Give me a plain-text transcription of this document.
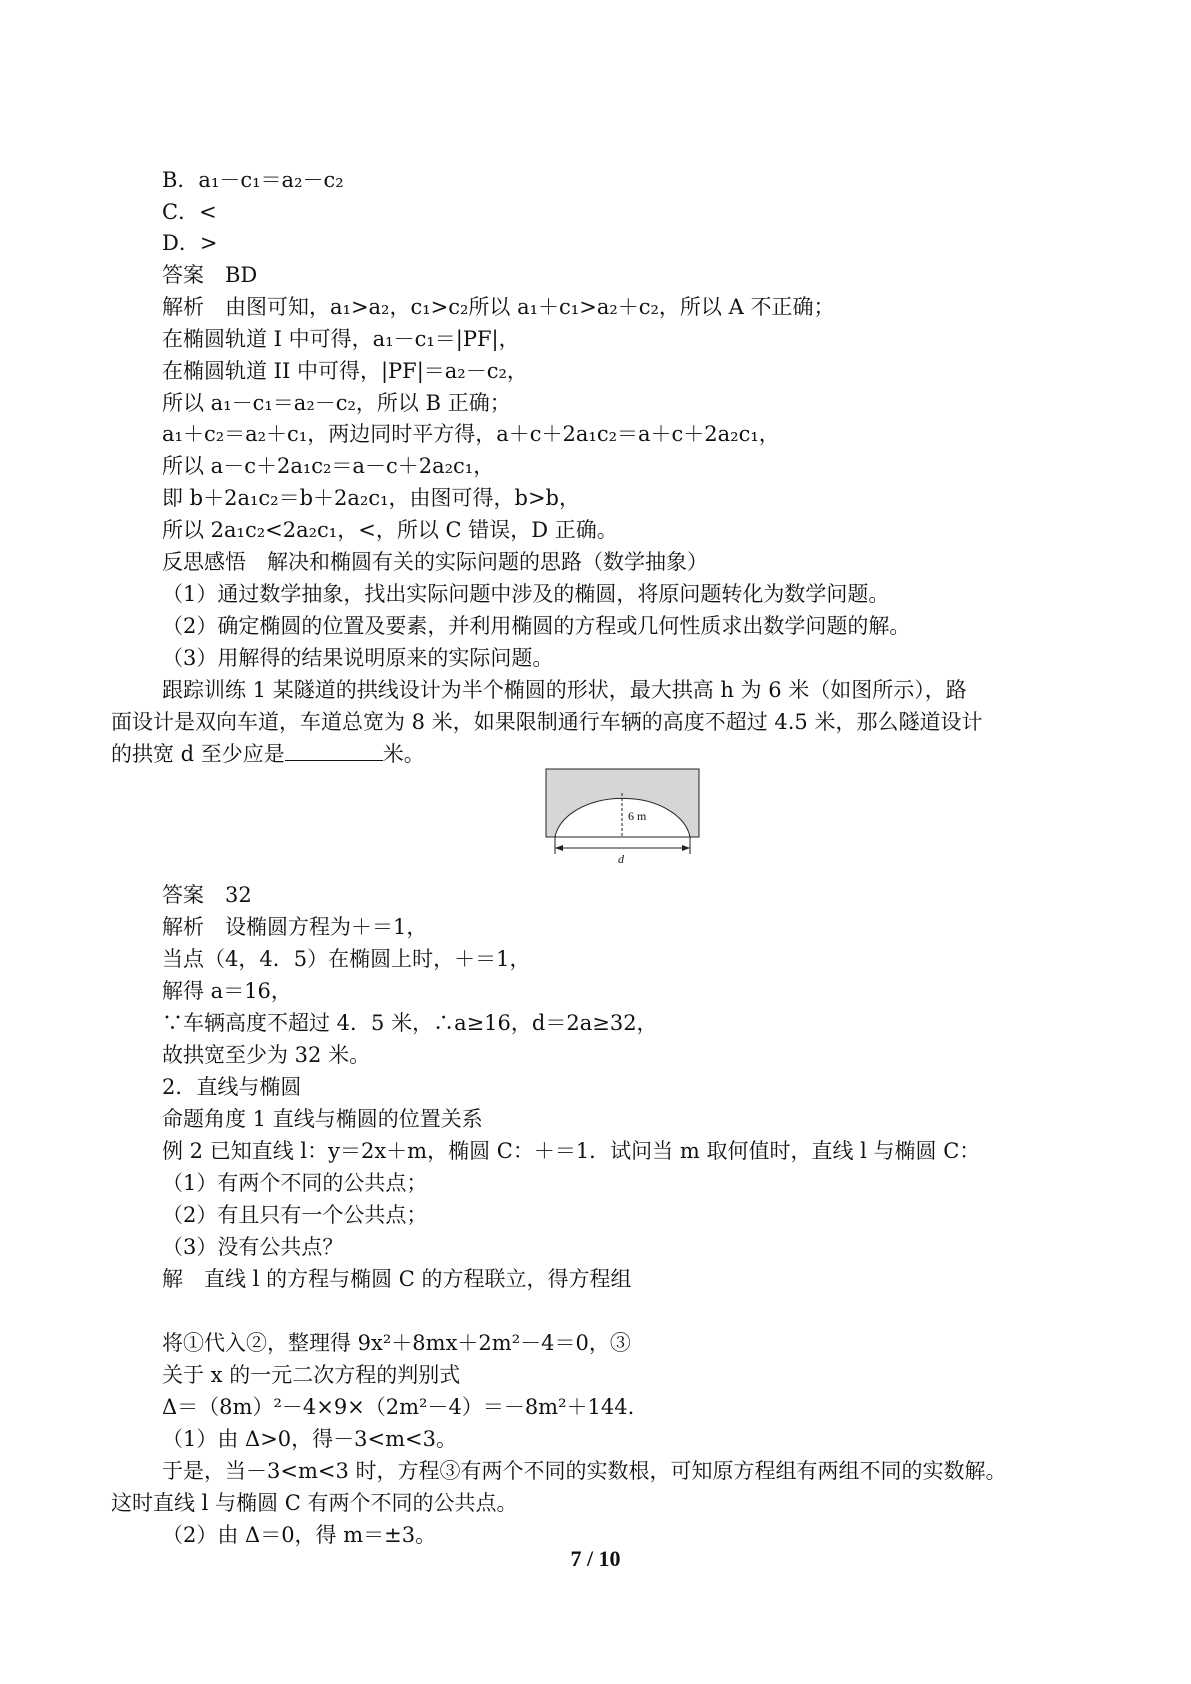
B．a₁－c₁＝a₂－c₂
C．<
D．>
答案　BD
解析　由图可知，a₁>a₂，c₁>c₂所以 a₁＋c₁>a₂＋c₂，所以 A 不正确；
在椭圆轨道 I 中可得，a₁－c₁＝|PF|，
在椭圆轨道 II 中可得，|PF|＝a₂－c₂，
所以 a₁－c₁＝a₂－c₂，所以 B 正确；
a₁＋c₂＝a₂＋c₁，两边同时平方得，a＋c＋2a₁c₂＝a＋c＋2a₂c₁，
所以 a－c＋2a₁c₂＝a－c＋2a₂c₁，
即 b＋2a₁c₂＝b＋2a₂c₁，由图可得，b>b，
所以 2a₁c₂<2a₂c₁，<，所以 C 错误，D 正确。
反思感悟　解决和椭圆有关的实际问题的思路（数学抽象）
（1）通过数学抽象，找出实际问题中涉及的椭圆，将原问题转化为数学问题。
（2）确定椭圆的位置及要素，并利用椭圆的方程或几何性质求出数学问题的解。
（3）用解得的结果说明原来的实际问题。
跟踪训练 1 某隧道的拱线设计为半个椭圆的形状，最大拱高 h 为 6 米（如图所示），路
面设计是双向车道，车道总宽为 8 米，如果限制通行车辆的高度不超过 4.5 米，那么隧道设计
的拱宽 d 至少应是	米。
6 m
d
答案　32
解析　设椭圆方程为＋＝1，
当点（4，4．5）在椭圆上时，＋＝1，
解得 a＝16，
∵车辆高度不超过 4．5 米，∴a≥16，d＝2a≥32，
故拱宽至少为 32 米。
2．直线与椭圆
命题角度 1 直线与椭圆的位置关系
例 2 已知直线 l：y＝2x＋m，椭圆 C：＋＝1．试问当 m 取何值时，直线 l 与椭圆 C：
（1）有两个不同的公共点；
（2）有且只有一个公共点；
（3）没有公共点？
解　直线 l 的方程与椭圆 C 的方程联立，得方程组
将①代入②，整理得 9x²＋8mx＋2m²－4＝0，③
关于 x 的一元二次方程的判别式
Δ＝（8m）²－4×9×（2m²－4）＝－8m²＋144.
（1）由 Δ>0，得－3<m<3。
于是，当－3<m<3 时，方程③有两个不同的实数根，可知原方程组有两组不同的实数解。
这时直线 l 与椭圆 C 有两个不同的公共点。
（2）由 Δ＝0，得 m＝±3。
7 / 10
